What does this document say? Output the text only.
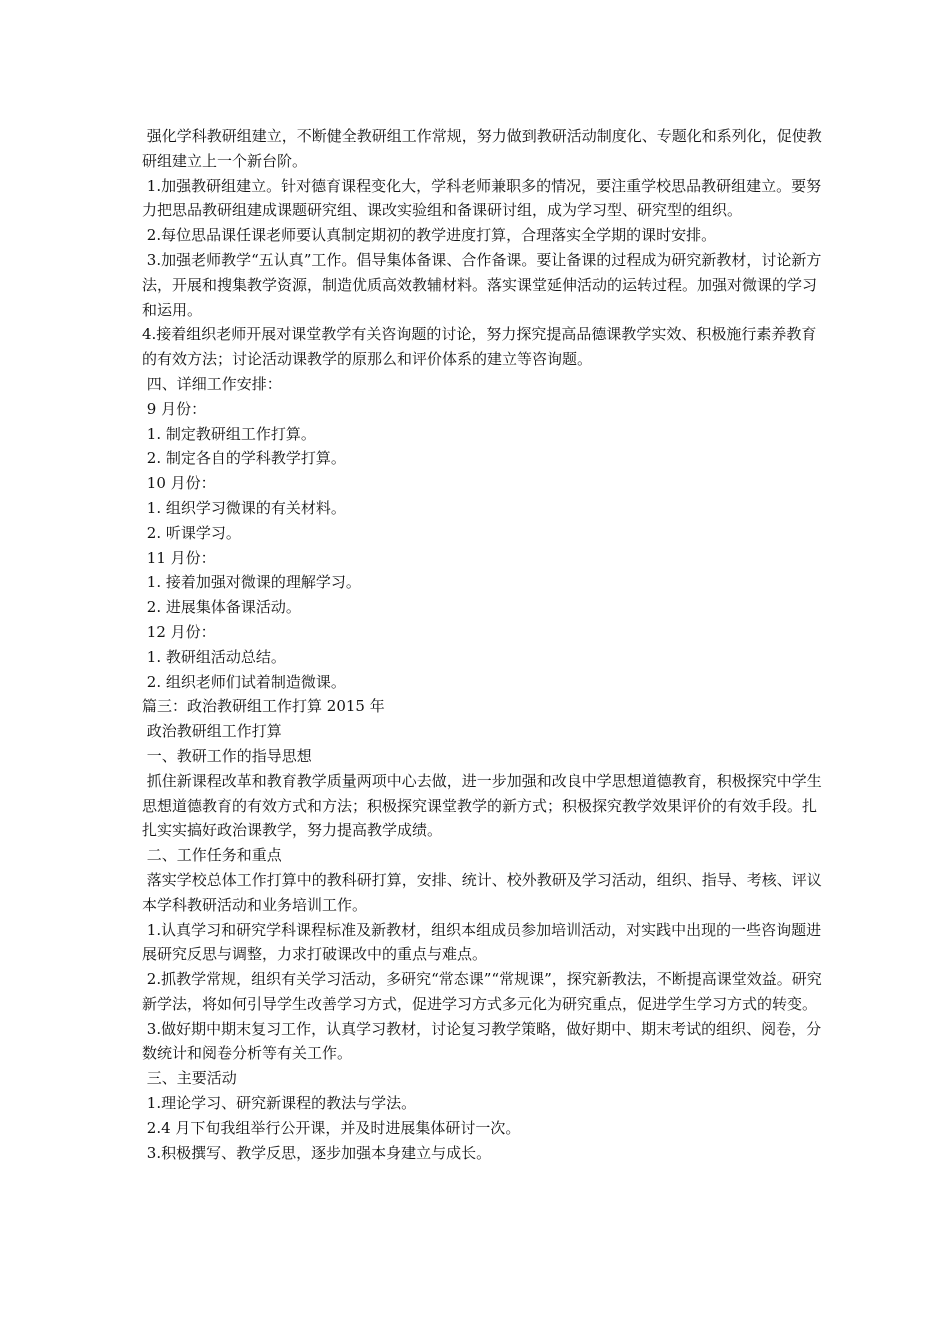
强化学科教研组建立，不断健全教研组工作常规，努力做到教研活动制度化、专题化和系列化，促使教研组建立上一个新台阶。

1.加强教研组建立。针对德育课程变化大，学科老师兼职多的情况，要注重学校思品教研组建立。要努力把思品教研组建成课题研究组、课改实验组和备课研讨组，成为学习型、研究型的组织。

2.每位思品课任课老师要认真制定期初的教学进度打算，合理落实全学期的课时安排。

3.加强老师教学“五认真”工作。倡导集体备课、合作备课。要让备课的过程成为研究新教材，讨论新方法，开展和搜集教学资源，制造优质高效教辅材料。落实课堂延伸活动的运转过程。加强对微课的学习和运用。

4.接着组织老师开展对课堂教学有关咨询题的讨论，努力探究提高品德课教学实效、积极施行素养教育的有效方法；讨论活动课教学的原那么和评价体系的建立等咨询题。

四、详细工作安排：

9 月份：

1. 制定教研组工作打算。

2. 制定各自的学科教学打算。

10 月份：

1. 组织学习微课的有关材料。

2. 听课学习。

11 月份：

1. 接着加强对微课的理解学习。

2. 进展集体备课活动。

12 月份：

1. 教研组活动总结。

2. 组织老师们试着制造微课。

篇三：政治教研组工作打算 2015 年

政治教研组工作打算

一、教研工作的指导思想

抓住新课程改革和教育教学质量两项中心去做，进一步加强和改良中学思想道德教育，积极探究中学生思想道德教育的有效方式和方法；积极探究课堂教学的新方式；积极探究教学效果评价的有效手段。扎扎实实搞好政治课教学，努力提高教学成绩。

二、工作任务和重点

落实学校总体工作打算中的教科研打算，安排、统计、校外教研及学习活动，组织、指导、考核、评议本学科教研活动和业务培训工作。

1.认真学习和研究学科课程标准及新教材，组织本组成员参加培训活动，对实践中出现的一些咨询题进展研究反思与调整，力求打破课改中的重点与难点。

2.抓教学常规，组织有关学习活动，多研究“常态课”“常规课”，探究新教法，不断提高课堂效益。研究新学法，将如何引导学生改善学习方式，促进学习方式多元化为研究重点，促进学生学习方式的转变。

3.做好期中期末复习工作，认真学习教材，讨论复习教学策略，做好期中、期末考试的组织、阅卷，分数统计和阅卷分析等有关工作。

三、主要活动

1.理论学习、研究新课程的教法与学法。

2.4 月下旬我组举行公开课，并及时进展集体研讨一次。

3.积极撰写、教学反思，逐步加强本身建立与成长。
